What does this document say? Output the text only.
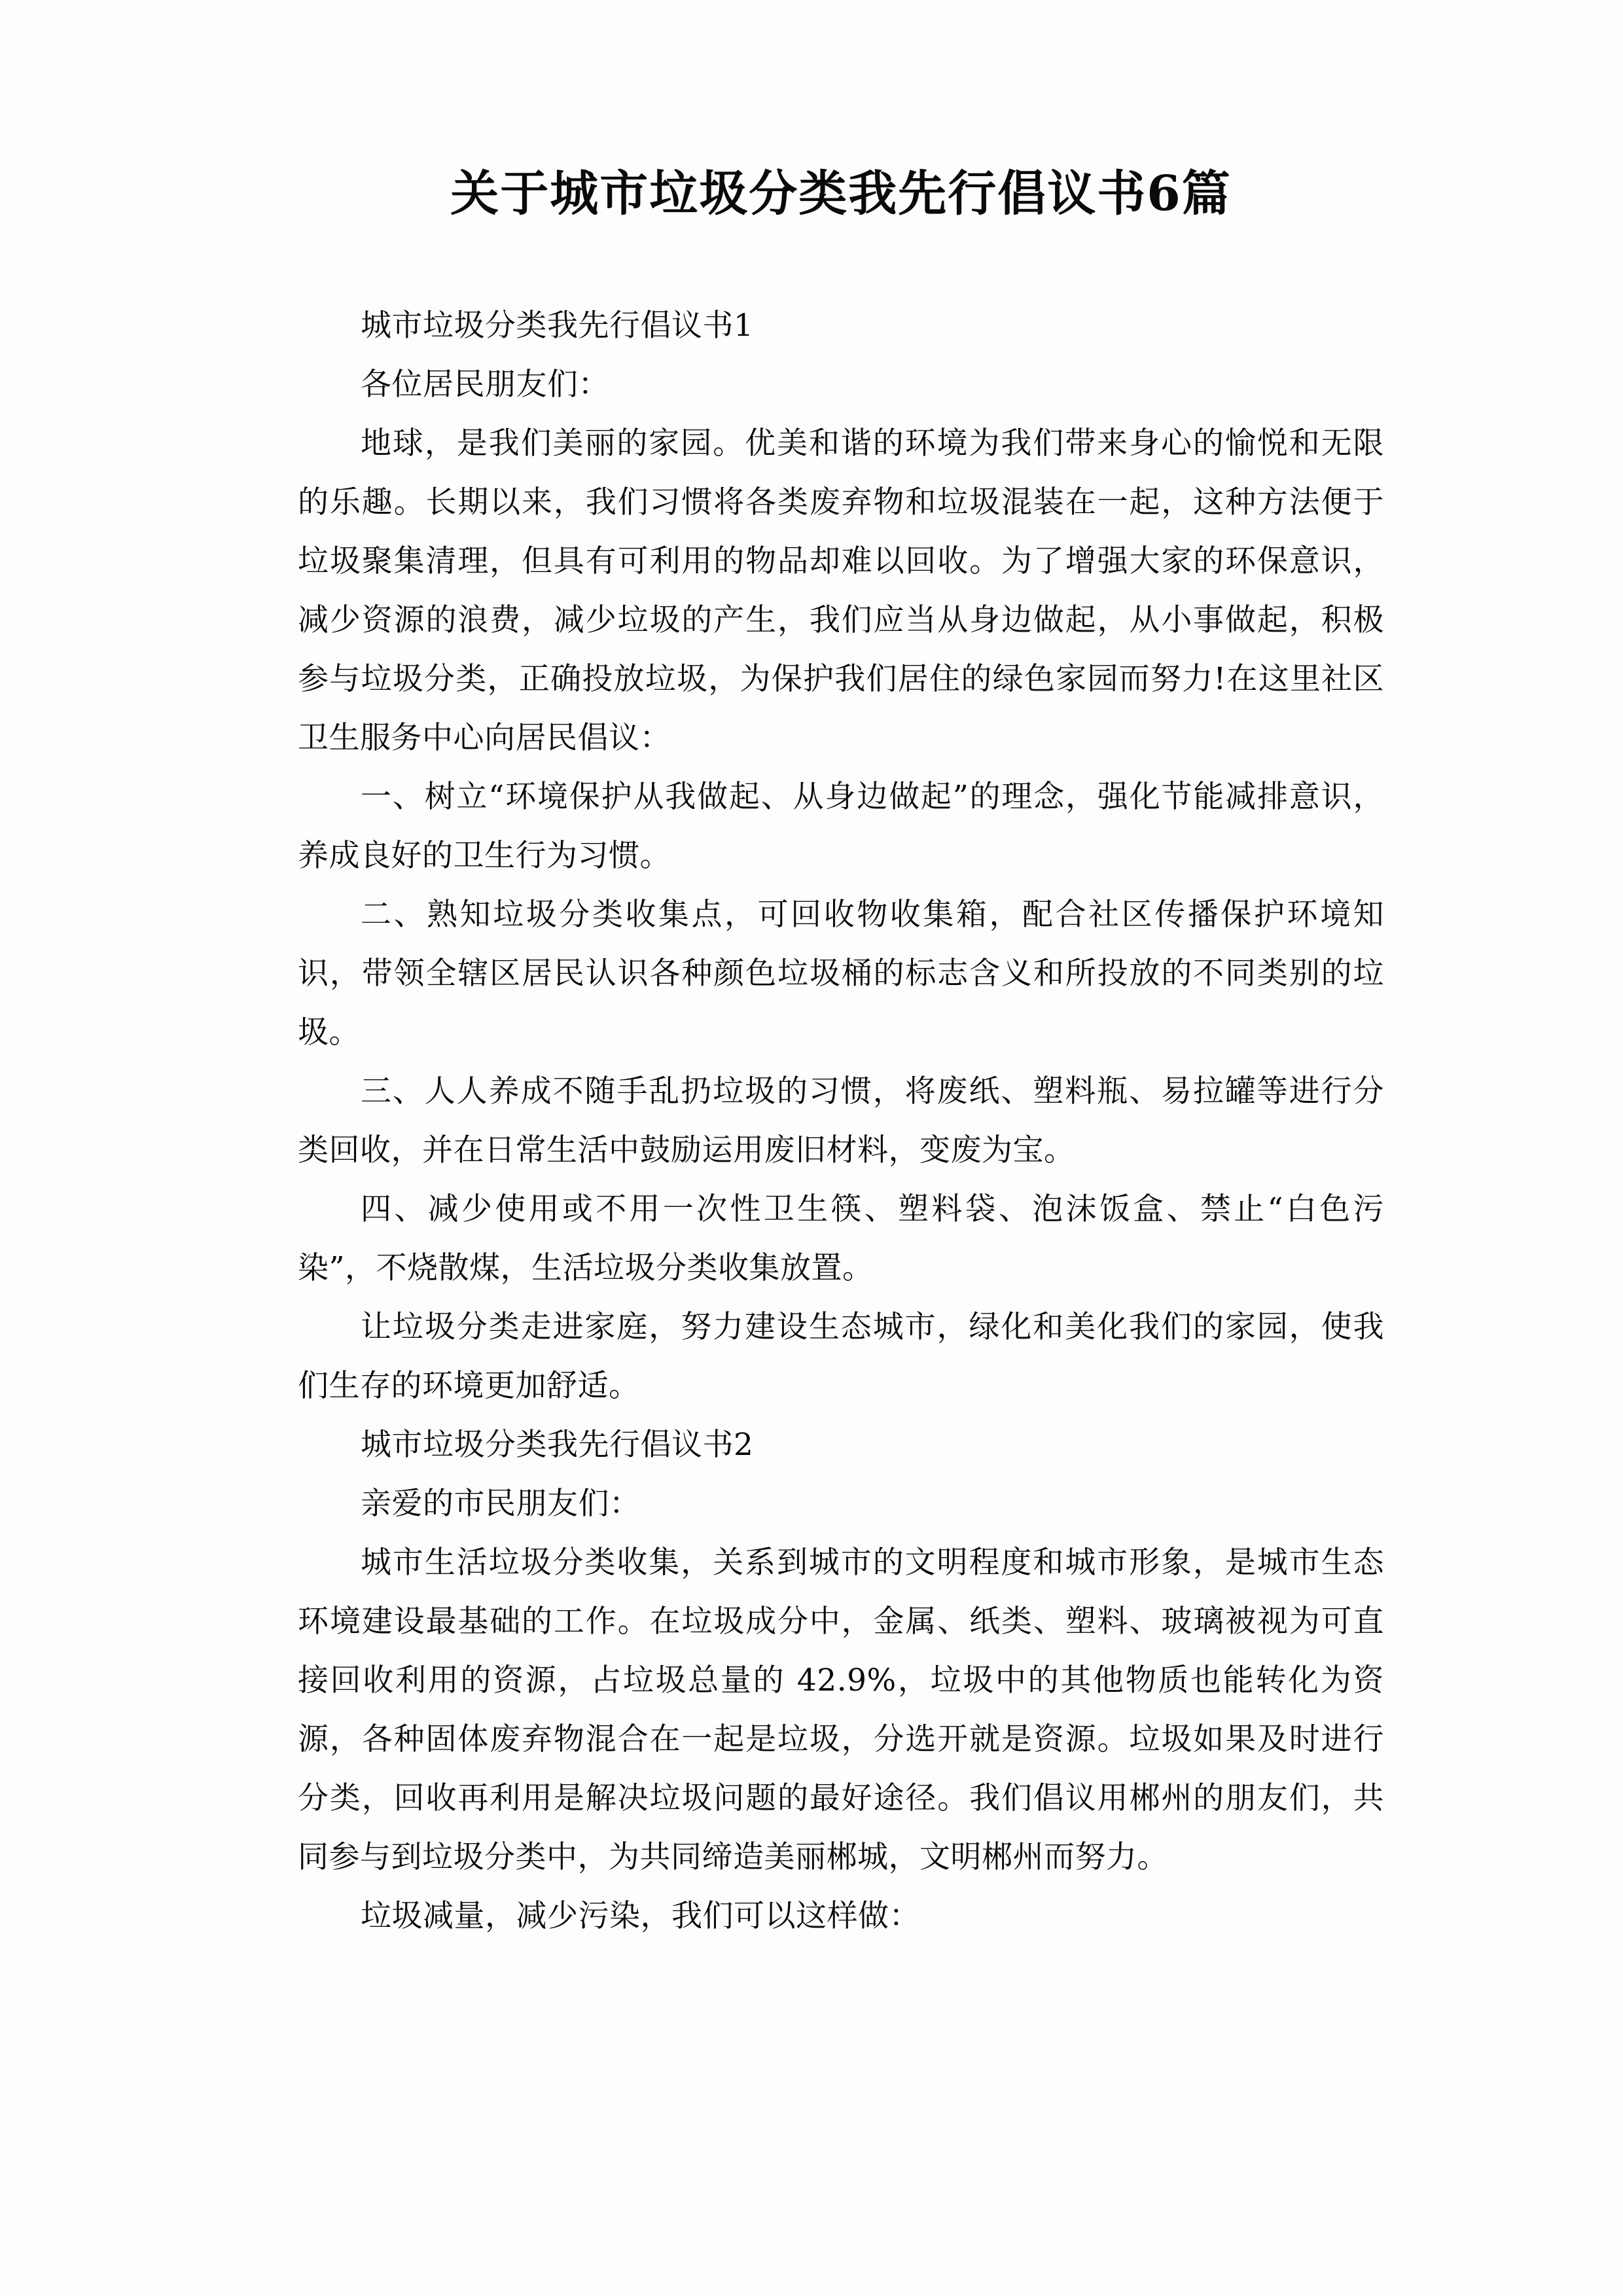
关于城市垃圾分类我先行倡议书6篇

城市垃圾分类我先行倡议书1

各位居民朋友们：

地球，是我们美丽的家园。优美和谐的环境为我们带来身心的愉悦和无限的乐趣。长期以来，我们习惯将各类废弃物和垃圾混装在一起，这种方法便于垃圾聚集清理，但具有可利用的物品却难以回收。为了增强大家的环保意识，减少资源的浪费，减少垃圾的产生，我们应当从身边做起，从小事做起，积极参与垃圾分类，正确投放垃圾，为保护我们居住的绿色家园而努力!在这里社区卫生服务中心向居民倡议：

一、树立“环境保护从我做起、从身边做起”的理念，强化节能减排意识，养成良好的卫生行为习惯。

二、熟知垃圾分类收集点，可回收物收集箱，配合社区传播保护环境知识，带领全辖区居民认识各种颜色垃圾桶的标志含义和所投放的不同类别的垃圾。

三、人人养成不随手乱扔垃圾的习惯，将废纸、塑料瓶、易拉罐等进行分类回收，并在日常生活中鼓励运用废旧材料，变废为宝。

四、减少使用或不用一次性卫生筷、塑料袋、泡沫饭盒、禁止“白色污染”，不烧散煤，生活垃圾分类收集放置。

让垃圾分类走进家庭，努力建设生态城市，绿化和美化我们的家园，使我们生存的环境更加舒适。

城市垃圾分类我先行倡议书2

亲爱的市民朋友们：

城市生活垃圾分类收集，关系到城市的文明程度和城市形象，是城市生态环境建设最基础的工作。在垃圾成分中，金属、纸类、塑料、玻璃被视为可直接回收利用的资源，占垃圾总量的 42.9%，垃圾中的其他物质也能转化为资源，各种固体废弃物混合在一起是垃圾，分选开就是资源。垃圾如果及时进行分类，回收再利用是解决垃圾问题的最好途径。我们倡议用郴州的朋友们，共同参与到垃圾分类中，为共同缔造美丽郴城，文明郴州而努力。

垃圾减量，减少污染，我们可以这样做：
